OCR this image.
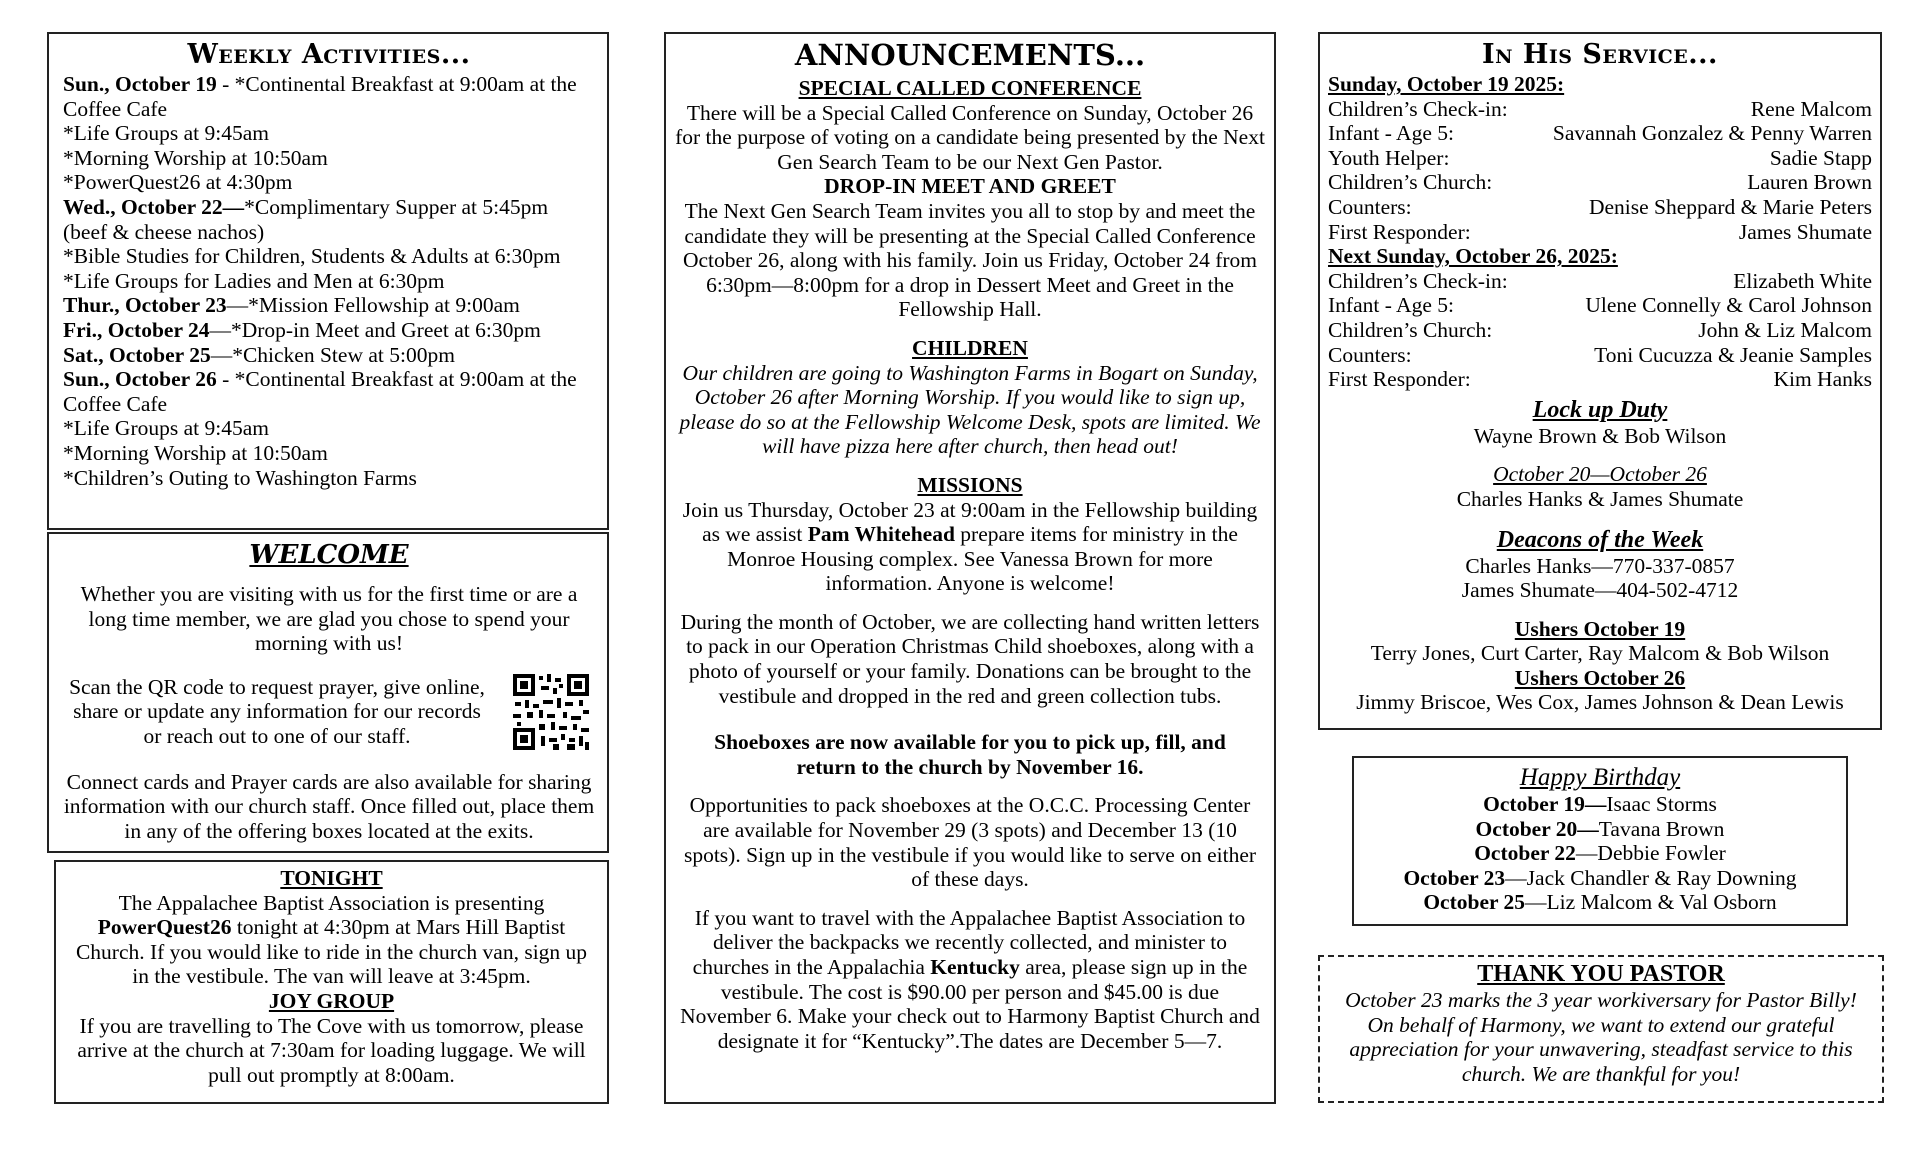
Weekly Activities...
Sun., October 19 - *Continental Breakfast at 9:00am at the Coffee Cafe
*Life Groups at 9:45am
*Morning Worship at 10:50am
*PowerQuest26 at 4:30pm
Wed., October 22—*Complimentary Supper at 5:45pm (beef & cheese nachos)
*Bible Studies for Children, Students & Adults at 6:30pm
*Life Groups for Ladies and Men at 6:30pm
Thur., October 23—*Mission Fellowship at 9:00am
Fri., October 24—*Drop-in Meet and Greet at 6:30pm
Sat., October 25—*Chicken Stew at 5:00pm
Sun., October 26 - *Continental Breakfast at 9:00am at the Coffee Cafe
*Life Groups at 9:45am
*Morning Worship at 10:50am
*Children’s Outing to Washington Farms
WELCOME

Whether you are visiting with us for the first time or are a long time member, we are glad you chose to spend your morning with us!

Scan the QR code to request prayer, give online, share or update any information for our records or reach out to one of our staff.

Connect cards and Prayer cards are also available for sharing information with our church staff. Once filled out, place them in any of the offering boxes located at the exits.

TONIGHT

The Appalachee Baptist Association is presenting PowerQuest26 tonight at 4:30pm at Mars Hill Baptist Church. If you would like to ride in the church van, sign up in the vestibule. The van will leave at 3:45pm.

JOY GROUP

If you are travelling to The Cove with us tomorrow, please arrive at the church at 7:30am for loading luggage. We will pull out promptly at 8:00am.

ANNOUNCEMENTS...
SPECIAL CALLED CONFERENCE

There will be a Special Called Conference on Sunday, October 26 for the purpose of voting on a candidate being presented by the Next Gen Search Team to be our Next Gen Pastor.

DROP-IN MEET AND GREET

The Next Gen Search Team invites you all to stop by and meet the candidate they will be presenting at the Special Called Conference October 26, along with his family. Join us Friday, October 24 from 6:30pm—8:00pm for a drop in Dessert Meet and Greet in the Fellowship Hall.

CHILDREN

Our children are going to Washington Farms in Bogart on Sunday, October 26 after Morning Worship. If you would like to sign up, please do so at the Fellowship Welcome Desk, spots are limited. We will have pizza here after church, then head out!

MISSIONS

Join us Thursday, October 23 at 9:00am in the Fellowship building as we assist Pam Whitehead prepare items for ministry in the Monroe Housing complex. See Vanessa Brown for more information. Anyone is welcome!

During the month of October, we are collecting hand written letters to pack in our Operation Christmas Child shoeboxes, along with a photo of yourself or your family. Donations can be brought to the vestibule and dropped in the red and green collection tubs.

Shoeboxes are now available for you to pick up, fill, and return to the church by November 16.

Opportunities to pack shoeboxes at the O.C.C. Processing Center are available for November 29 (3 spots) and December 13 (10 spots). Sign up in the vestibule if you would like to serve on either of these days.

If you want to travel with the Appalachee Baptist Association to deliver the backpacks we recently collected, and minister to churches in the Appalachia Kentucky area, please sign up in the vestibule. The cost is $90.00 per person and $45.00 is due November 6. Make your check out to Harmony Baptist Church and designate it for “Kentucky”.The dates are December 5—7.

In His Service...
Sunday, October 19 2025:
Children’s Check-in:	Rene Malcom
Infant - Age 5:	Savannah Gonzalez & Penny Warren
Youth Helper:	Sadie Stapp
Children’s Church:	Lauren Brown
Counters:	Denise Sheppard & Marie Peters
First Responder:	James Shumate
Next Sunday, October 26, 2025:
Children’s Check-in:	Elizabeth White
Infant - Age 5:	Ulene Connelly & Carol Johnson
Children’s Church:	John & Liz Malcom
Counters:	Toni Cucuzza & Jeanie Samples
First Responder:	Kim Hanks
Lock up Duty
Wayne Brown & Bob Wilson
October 20—October 26
Charles Hanks & James Shumate
Deacons of the Week
Charles Hanks—770-337-0857
James Shumate—404-502-4712
Ushers October 19
Terry Jones, Curt Carter, Ray Malcom & Bob Wilson
Ushers October 26
Jimmy Briscoe, Wes Cox, James Johnson & Dean Lewis
Happy Birthday
October 19—Isaac Storms
October 20—Tavana Brown
October 22—Debbie Fowler
October 23—Jack Chandler & Ray Downing
October 25—Liz Malcom & Val Osborn
THANK YOU PASTOR

October 23 marks the 3 year workiversary for Pastor Billy! On behalf of Harmony, we want to extend our grateful appreciation for your unwavering, steadfast service to this church. We are thankful for you!
